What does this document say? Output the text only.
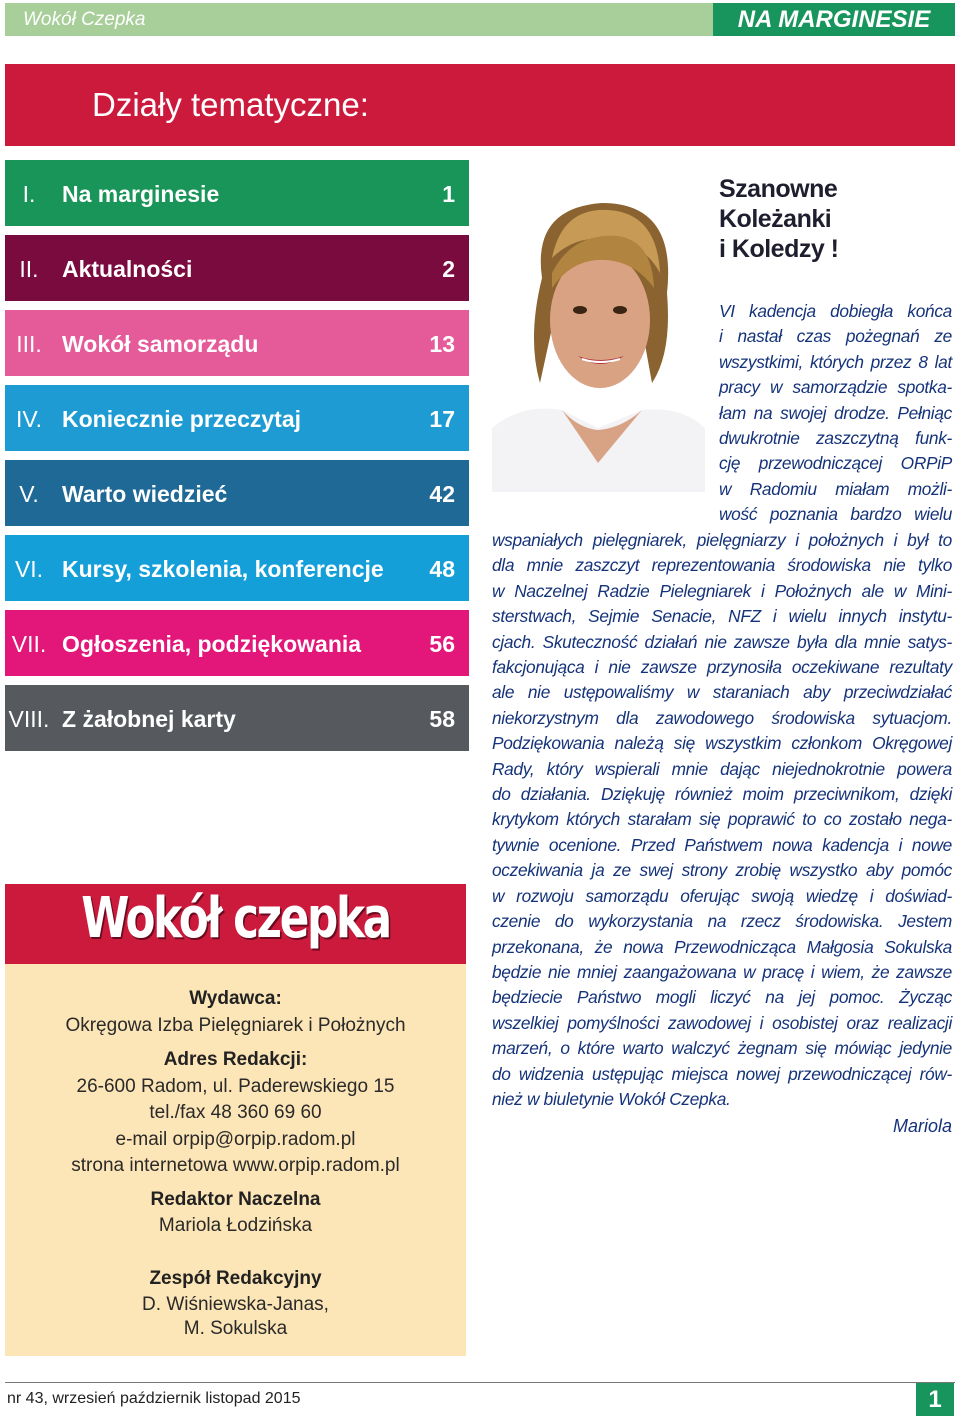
Wokół Czepka	NA MARGINESIE
Działy tematyczne:
I.	Na marginesie	1
II.	Aktualności	2
III. Wokół samorządu	13
IV. Koniecznie przeczytaj	17
V.	Warto wiedzieć	42
VI. Kursy, szkolenia, konferencje 48
VII. Ogłoszenia, podziękowania	56
VIII. Z żałobnej karty	58
Wokół czepka
Wydawca:
Okręgowa Izba Pielęgniarek i Położnych
Adres Redakcji:
26-600 Radom, ul. Paderewskiego 15
tel./fax 48 360 69 60
e-mail orpip@orpip.radom.pl
strona internetowa www.orpip.radom.pl
Redaktor Naczelna
Mariola Łodzińska
Zespół Redakcyjny
D. Wiśniewska-Janas,
M. Sokulska
Szanowne
Koleżanki
i Koledzy !
VI kadencja dobiegła końca
i nastał czas pożegnań ze
wszystkimi, których przez 8 lat
pracy w samorządzie spotka-
łam na swojej drodze. Pełniąc
dwukrotnie zaszczytną funk-
cję przewodniczącej ORPiP
w Radomiu miałam możli-
wość poznania bardzo wielu
wspaniałych pielęgniarek, pielęgniarzy i położnych i był to
dla mnie zaszczyt reprezentowania środowiska nie tylko
w Naczelnej Radzie Pielegniarek i Położnych ale w Mini-
sterstwach, Sejmie Senacie, NFZ i wielu innych instytu-
cjach. Skuteczność działań nie zawsze była dla mnie satys-
fakcjonująca i nie zawsze przynosiła oczekiwane rezultaty
ale nie ustępowaliśmy w staraniach aby przeciwdziałać
niekorzystnym dla zawodowego środowiska sytuacjom.
Podziękowania należą się wszystkim członkom Okręgowej
Rady, który wspierali mnie dając niejednokrotnie powera
do działania. Dziękuję również moim przeciwnikom, dzięki
krytykom których starałam się poprawić to co zostało nega-
tywnie ocenione. Przed Państwem nowa kadencja i nowe
oczekiwania ja ze swej strony zrobię wszystko aby pomóc
w rozwoju samorządu oferując swoją wiedzę i doświad-
czenie do wykorzystania na rzecz środowiska. Jestem
przekonana, że nowa Przewodnicząca Małgosia Sokulska
będzie nie mniej zaangażowana w pracę i wiem, że zawsze
będziecie Państwo mogli liczyć na jej pomoc. Życząc
wszelkiej pomyślności zawodowej i osobistej oraz realizacji
marzeń, o które warto walczyć żegnam się mówiąc jedynie
do widzenia ustępując miejsca nowej przewodniczącej rów-
nież w biuletynie Wokół Czepka.
Mariola
nr 43, wrzesień październik listopad 2015	1
